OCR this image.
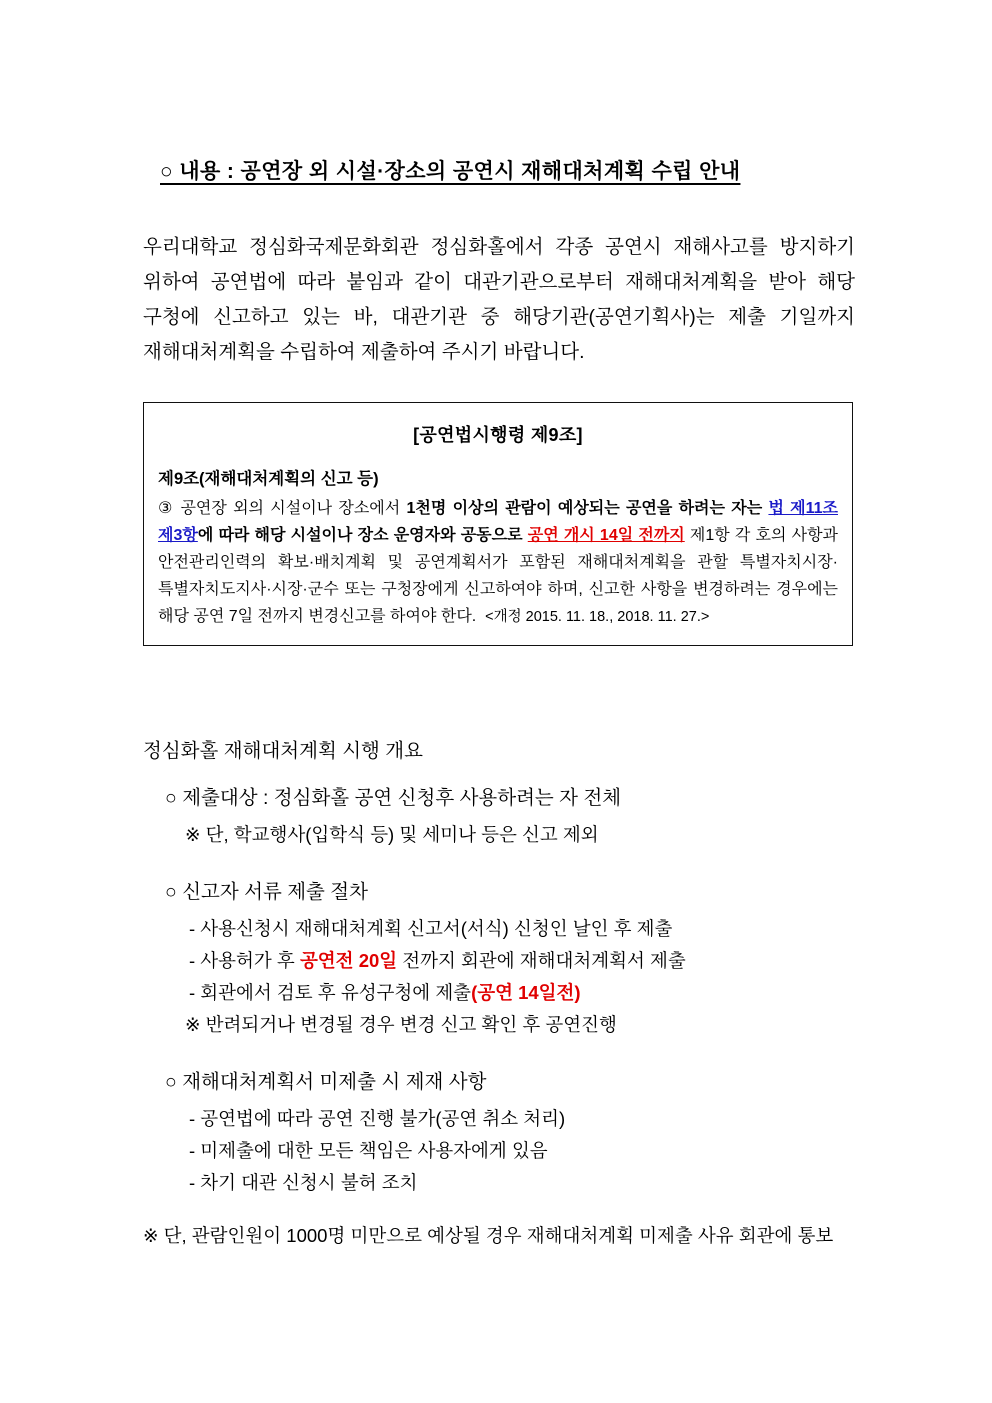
○ 내용 : 공연장 외 시설·장소의 공연시 재해대처계획 수립 안내
우리대학교 정심화국제문화회관 정심화홀에서 각종 공연시 재해사고를 방지하기 위하여 공연법에 따라 붙임과 같이 대관기관으로부터 재해대처계획을 받아 해당 구청에 신고하고 있는 바, 대관기관 중 해당기관(공연기획사)는 제출 기일까지 재해대처계획을 수립하여 제출하여 주시기 바랍니다.
[공연법시행령 제9조]
제9조(재해대처계획의 신고 등)
③ 공연장 외의 시설이나 장소에서 1천명 이상의 관람이 예상되는 공연을 하려는 자는 법 제11조 제3항에 따라 해당 시설이나 장소 운영자와 공동으로 공연 개시 14일 전까지 제1항 각 호의 사항과 안전관리인력의 확보·배치계획 및 공연계획서가 포함된 재해대처계획을 관할 특별자치시장·특별자치도지사·시장·군수 또는 구청장에게 신고하여야 하며, 신고한 사항을 변경하려는 경우에는 해당 공연 7일 전까지 변경신고를 하여야 한다. <개정 2015. 11. 18., 2018. 11. 27.>
정심화홀 재해대처계획 시행 개요
○ 제출대상 : 정심화홀 공연 신청후 사용하려는 자 전체
※ 단, 학교행사(입학식 등) 및 세미나 등은 신고 제외
○ 신고자 서류 제출 절차
- 사용신청시 재해대처계획 신고서(서식) 신청인 날인 후 제출
- 사용허가 후 공연전 20일 전까지 회관에 재해대처계획서 제출
- 회관에서 검토 후 유성구청에 제출(공연 14일전)
※ 반려되거나 변경될 경우 변경 신고 확인 후 공연진행
○ 재해대처계획서 미제출 시 제재 사항
- 공연법에 따라 공연 진행 불가(공연 취소 처리)
- 미제출에 대한 모든 책임은 사용자에게 있음
- 차기 대관 신청시 불허 조치
※ 단, 관람인원이 1000명 미만으로 예상될 경우 재해대처계획 미제출 사유 회관에 통보
